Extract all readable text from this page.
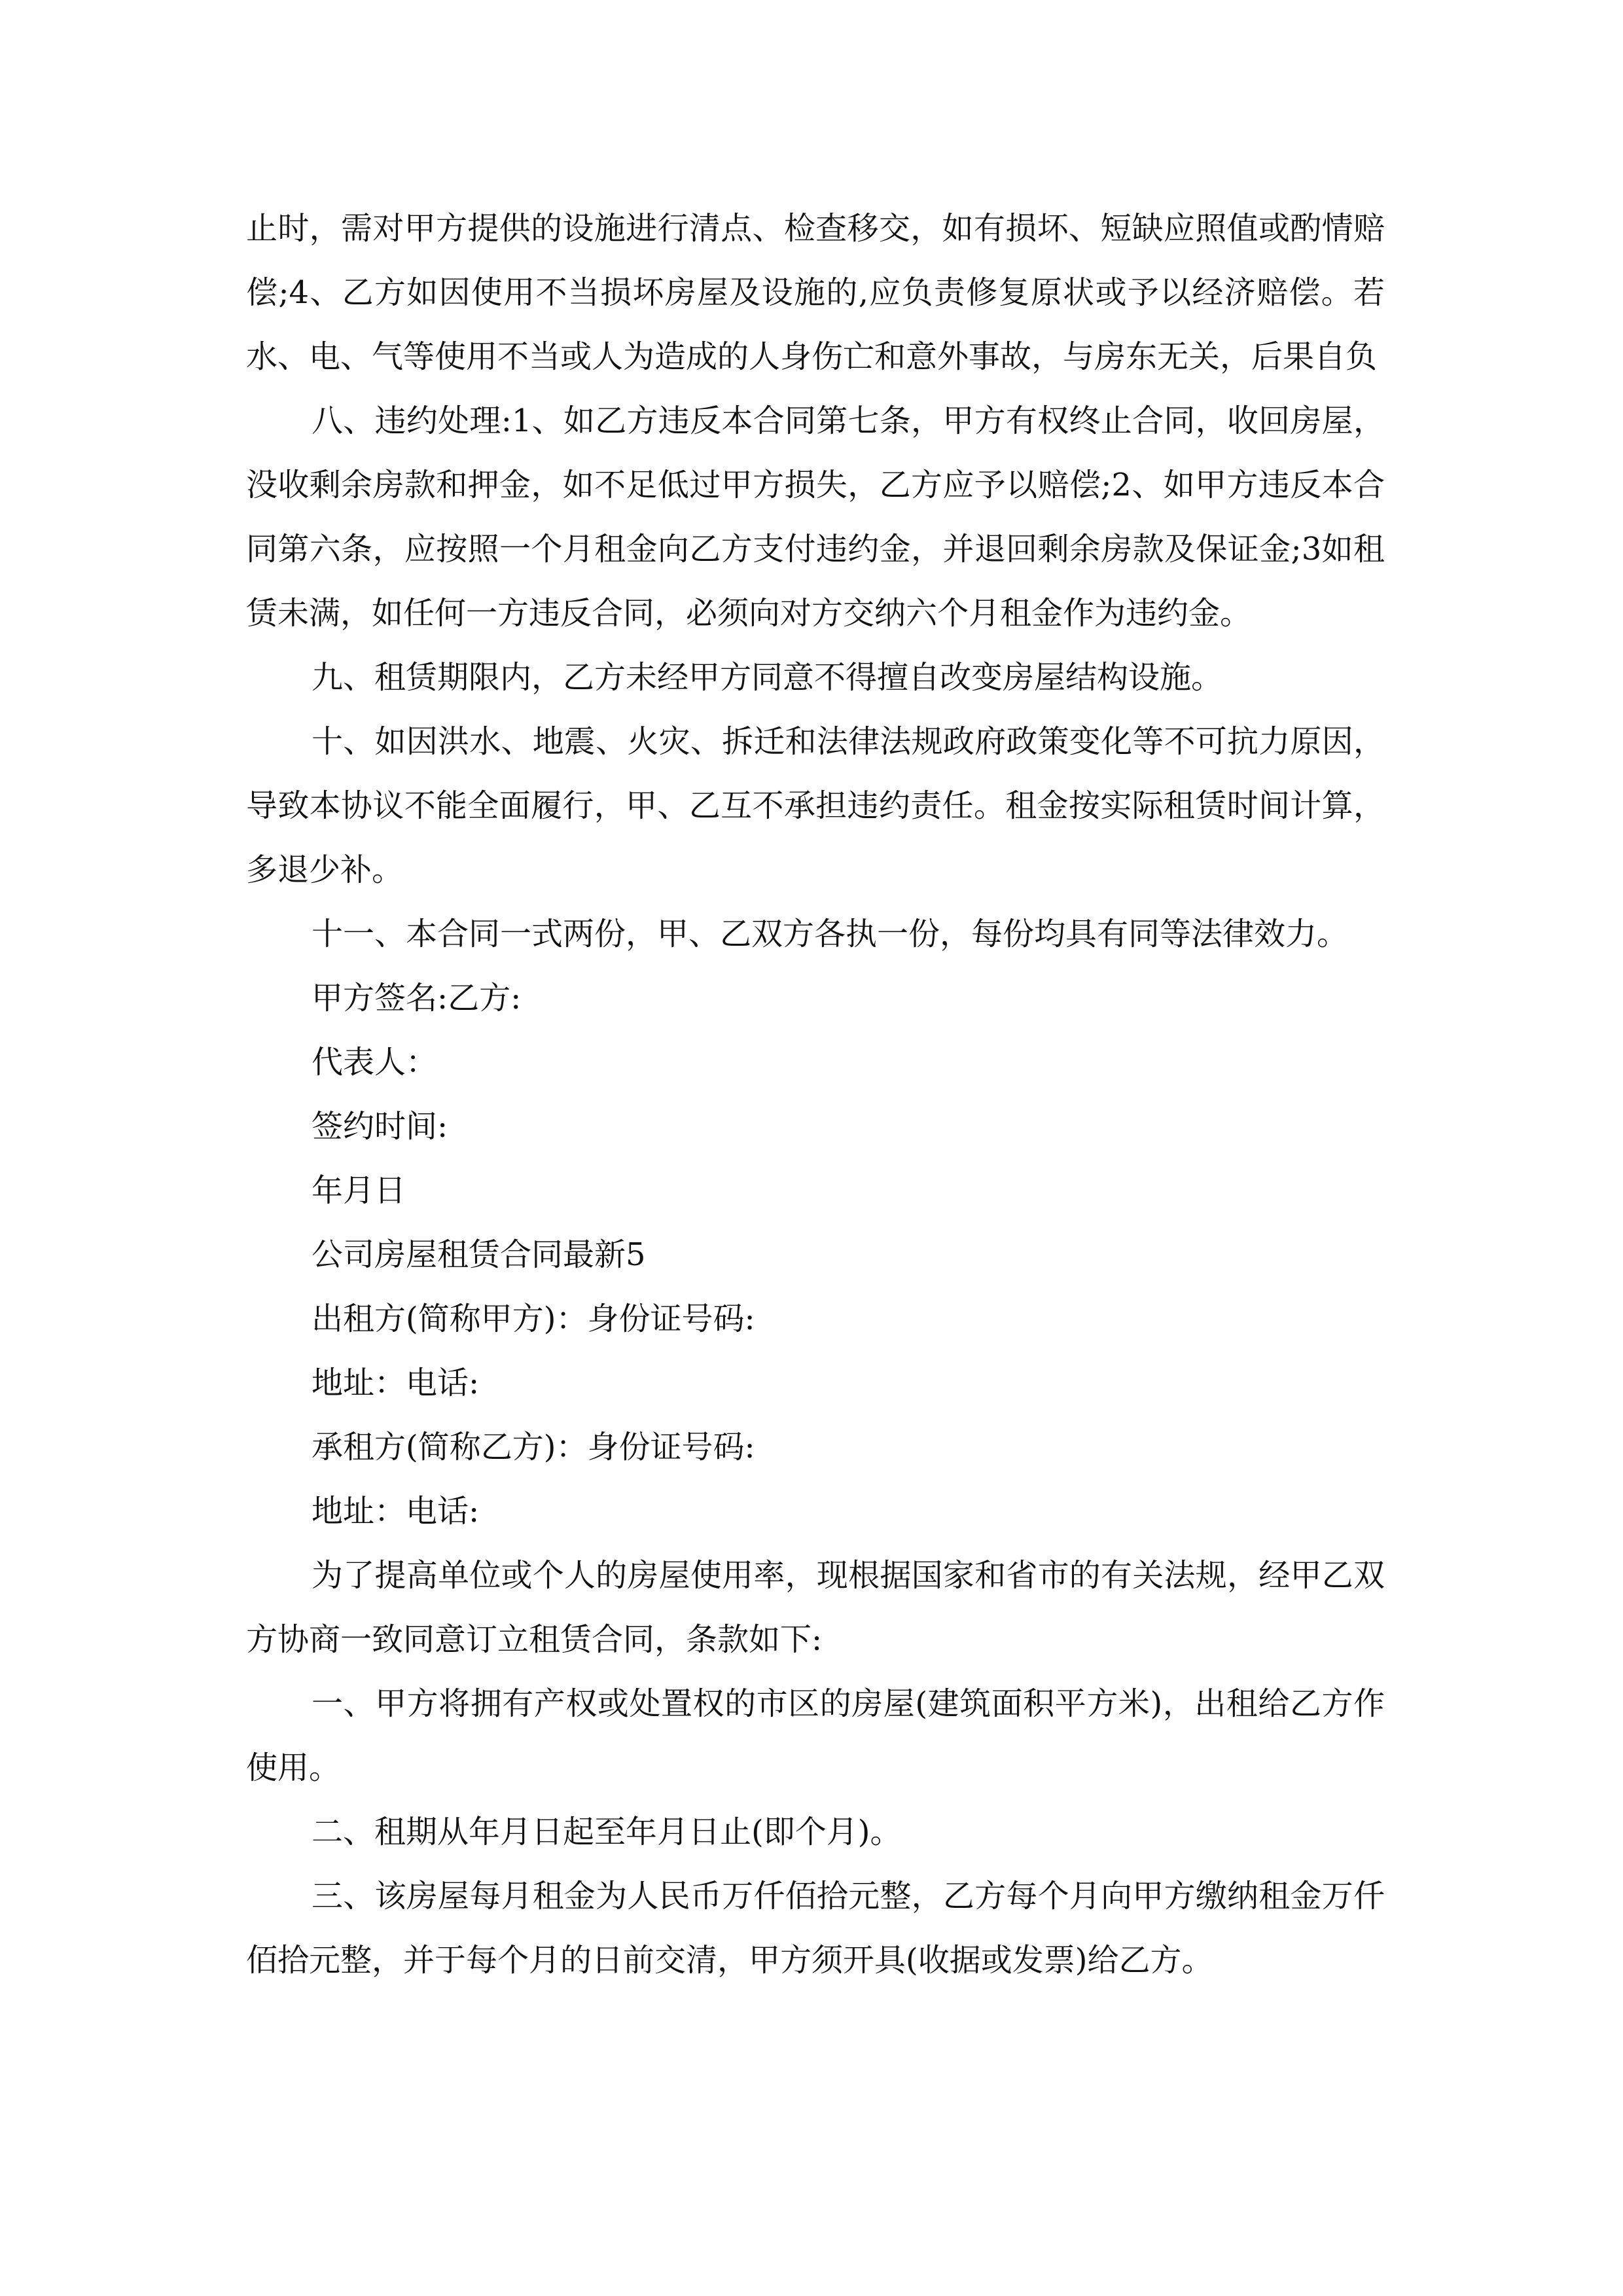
止时，需对甲方提供的设施进行清点、检查移交，如有损坏、短缺应照值或酌情赔偿;4、乙方如因使用不当损坏房屋及设施的,应负责修复原状或予以经济赔偿。若水、电、气等使用不当或人为造成的人身伤亡和意外事故，与房东无关，后果自负

八、违约处理:1、如乙方违反本合同第七条，甲方有权终止合同，收回房屋，没收剩余房款和押金，如不足低过甲方损失，乙方应予以赔偿;2、如甲方违反本合同第六条，应按照一个月租金向乙方支付违约金，并退回剩余房款及保证金;3如租赁未满，如任何一方违反合同，必须向对方交纳六个月租金作为违约金。

九、租赁期限内，乙方未经甲方同意不得擅自改变房屋结构设施。

十、如因洪水、地震、火灾、拆迁和法律法规政府政策变化等不可抗力原因，导致本协议不能全面履行，甲、乙互不承担违约责任。租金按实际租赁时间计算，多退少补。

十一、本合同一式两份，甲、乙双方各执一份，每份均具有同等法律效力。

甲方签名:乙方:

代表人：

签约时间:

年月日

公司房屋租赁合同最新5

出租方(简称甲方)：身份证号码:

地址：电话:

承租方(简称乙方)：身份证号码:

地址：电话:

为了提高单位或个人的房屋使用率，现根据国家和省市的有关法规，经甲乙双方协商一致同意订立租赁合同，条款如下:

一、甲方将拥有产权或处置权的市区的房屋(建筑面积平方米)，出租给乙方作使用。

二、租期从年月日起至年月日止(即个月)。

三、该房屋每月租金为人民币万仟佰拾元整，乙方每个月向甲方缴纳租金万仟佰拾元整，并于每个月的日前交清，甲方须开具(收据或发票)给乙方。
